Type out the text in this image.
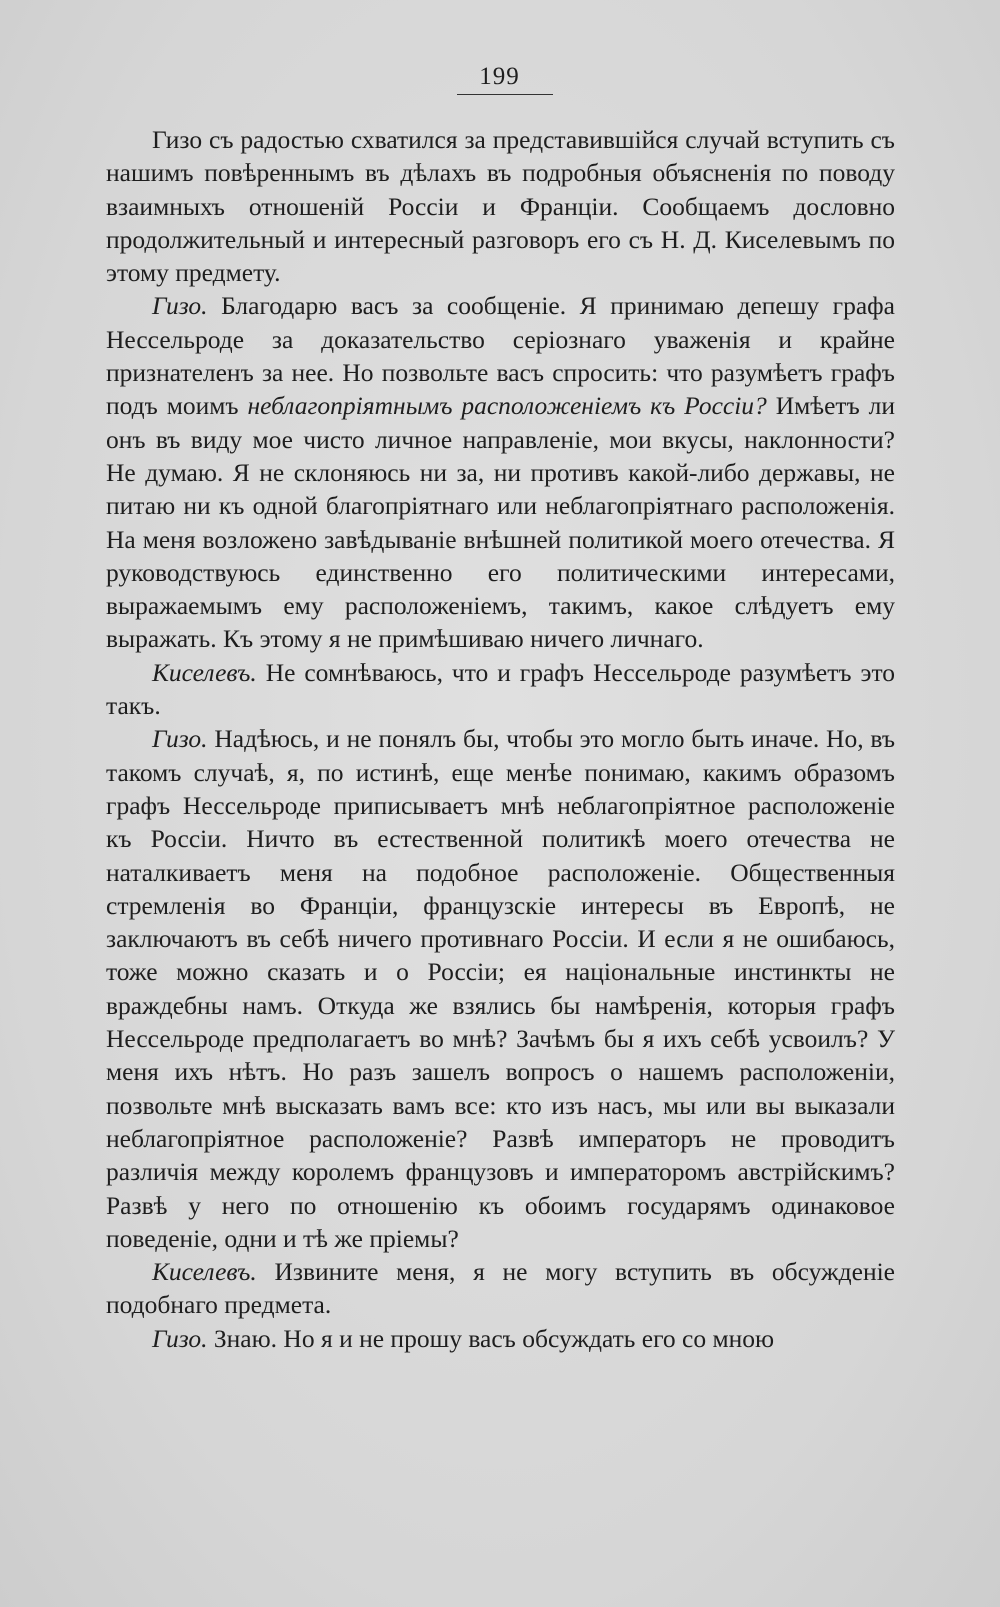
199

Гизо съ радостью схватился за представившійся случай вступить съ нашимъ повѣреннымъ въ дѣлахъ въ подробныя объясненія по поводу взаимныхъ отношеній Россіи и Франціи. Сообщаемъ дословно продолжительный и интересный разговоръ его съ Н. Д. Киселевымъ по этому предмету.

Гизо. Благодарю васъ за сообщеніе. Я принимаю депешу графа Нессельроде за доказательство серіознаго уваженія и крайне признателенъ за нее. Но позвольте васъ спросить: что разумѣетъ графъ подъ моимъ неблагопріятнымъ расположеніемъ къ Россіи? Имѣетъ ли онъ въ виду мое чисто личное направленіе, мои вкусы, наклонности? Не думаю. Я не склоняюсь ни за, ни противъ какой-либо державы, не питаю ни къ одной благопріятнаго или неблагопріятнаго расположенія. На меня возложено завѣдываніе внѣшней политикой моего отечества. Я руководствуюсь единственно его политическими интересами, выражаемымъ ему расположеніемъ, такимъ, какое слѣдуетъ ему выражать. Къ этому я не примѣшиваю ничего личнаго.

Киселевъ. Не сомнѣваюсь, что и графъ Нессельроде разумѣетъ это такъ.

Гизо. Надѣюсь, и не понялъ бы, чтобы это могло быть иначе. Но, въ такомъ случаѣ, я, по истинѣ, еще менѣе понимаю, какимъ образомъ графъ Нессельроде приписываетъ мнѣ неблагопріятное расположеніе къ Россіи. Ничто въ естественной политикѣ моего отечества не наталкиваетъ меня на подобное расположеніе. Общественныя стремленія во Франціи, французскіе интересы въ Европѣ, не заключаютъ въ себѣ ничего противнаго Россіи. И если я не ошибаюсь, тоже можно сказать и о Россіи; ея національные инстинкты не враждебны намъ. Откуда же взялись бы намѣренія, которыя графъ Нессельроде предполагаетъ во мнѣ? Зачѣмъ бы я ихъ себѣ усвоилъ? У меня ихъ нѣтъ. Но разъ зашелъ вопросъ о нашемъ расположеніи, позвольте мнѣ высказать вамъ все: кто изъ насъ, мы или вы выказали неблагопріятное расположеніе? Развѣ императоръ не проводитъ различія между королемъ французовъ и императоромъ австрійскимъ? Развѣ у него по отношенію къ обоимъ государямъ одинаковое поведеніе, одни и тѣ же пріемы?

Киселевъ. Извините меня, я не могу вступить въ обсужденіе подобнаго предмета.

Гизо. Знаю. Но я и не прошу васъ обсуждать его со мною
